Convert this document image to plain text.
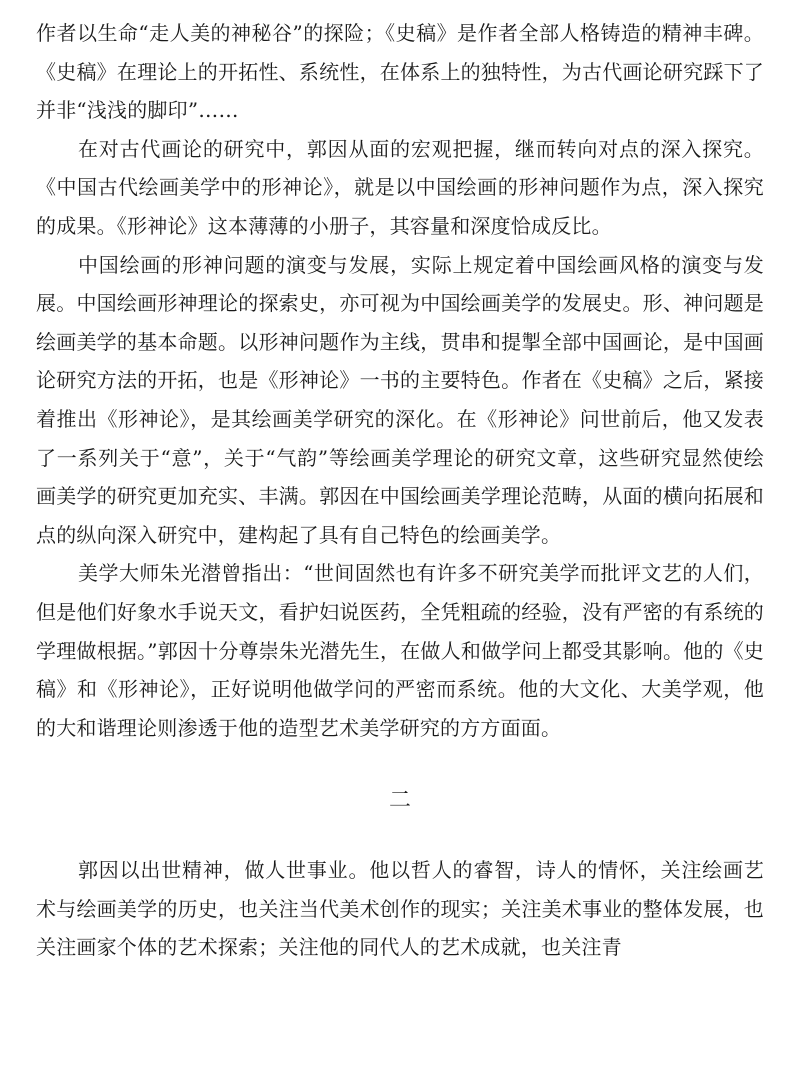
作者以生命“走人美的神秘谷”的探险；《史稿》是作者全部人格铸造的精神丰碑。《史稿》在理论上的开拓性、系统性，在体系上的独特性，为古代画论研究踩下了并非“浅浅的脚印”……

在对古代画论的研究中，郭因从面的宏观把握，继而转向对点的深入探究。《中国古代绘画美学中的形神论》，就是以中国绘画的形神问题作为点，深入探究的成果。《形神论》这本薄薄的小册子，其容量和深度恰成反比。

中国绘画的形神问题的演变与发展，实际上规定着中国绘画风格的演变与发展。中国绘画形神理论的探索史，亦可视为中国绘画美学的发展史。形、神问题是绘画美学的基本命题。以形神问题作为主线，贯串和提掣全部中国画论，是中国画论研究方法的开拓，也是《形神论》一书的主要特色。作者在《史稿》之后，紧接着推出《形神论》，是其绘画美学研究的深化。在《形神论》问世前后，他又发表了一系列关于“意”，关于“气韵”等绘画美学理论的研究文章，这些研究显然使绘画美学的研究更加充实、丰满。郭因在中国绘画美学理论范畴，从面的横向拓展和点的纵向深入研究中，建构起了具有自己特色的绘画美学。

美学大师朱光潜曾指出：“世间固然也有许多不研究美学而批评文艺的人们，但是他们好象水手说天文，看护妇说医药，全凭粗疏的经验，没有严密的有系统的学理做根据。”郭因十分尊崇朱光潜先生，在做人和做学问上都受其影响。他的《史稿》和《形神论》，正好说明他做学问的严密而系统。他的大文化、大美学观，他的大和谐理论则渗透于他的造型艺术美学研究的方方面面。

二

郭因以出世精神，做人世事业。他以哲人的睿智，诗人的情怀，关注绘画艺术与绘画美学的历史，也关注当代美术创作的现实；关注美术事业的整体发展，也关注画家个体的艺术探索；关注他的同代人的艺术成就，也关注青
